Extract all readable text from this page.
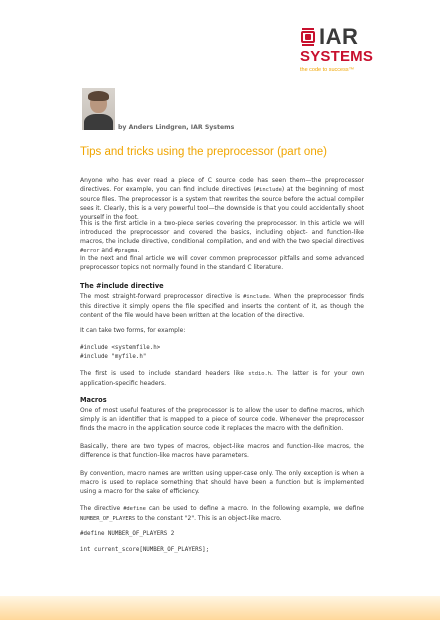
IAR
SYSTEMS
the code to success™
by Anders Lindgren, IAR Systems
Tips and tricks using the preprocessor (part one)

Anyone who has ever read a piece of C source code has seen them—the preprocessor directives. For example, you can find include directives (#include) at the beginning of most source files. The preprocessor is a system that rewrites the source before the actual compiler sees it. Clearly, this is a very powerful tool—the downside is that you could accidentally shoot yourself in the foot.

This is the first article in a two-piece series covering the preprocessor. In this article we will introduced the preprocessor and covered the basics, including object- and function-like macros, the include directive, conditional compilation, and end with the two special directives #error and #pragma.

In the next and final article we will cover common preprocessor pitfalls and some advanced preprocessor topics not normally found in the standard C literature.

The #include directive

The most straight-forward preprocessor directive is #include. When the preprocessor finds this directive it simply opens the file specified and inserts the content of it, as though the content of the file would have been written at the location of the directive.

It can take two forms, for example:

#include <systemfile.h>
#include "myfile.h"

The first is used to include standard headers like stdio.h. The latter is for your own application-specific headers.

Macros

One of most useful features of the preprocessor is to allow the user to define macros, which simply is an identifier that is mapped to a piece of source code. Whenever the preprocessor finds the macro in the application source code it replaces the macro with the definition.

Basically, there are two types of macros, object-like macros and function-like macros, the difference is that function-like macros have parameters.

By convention, macro names are written using upper-case only. The only exception is when a macro is used to replace something that should have been a function but is implemented using a macro for the sake of efficiency.

The directive #define can be used to define a macro. In the following example, we define NUMBER_OF_PLAYERS to the constant "2". This is an object-like macro.

#define NUMBER_OF_PLAYERS 2
int current_score[NUMBER_OF_PLAYERS];
